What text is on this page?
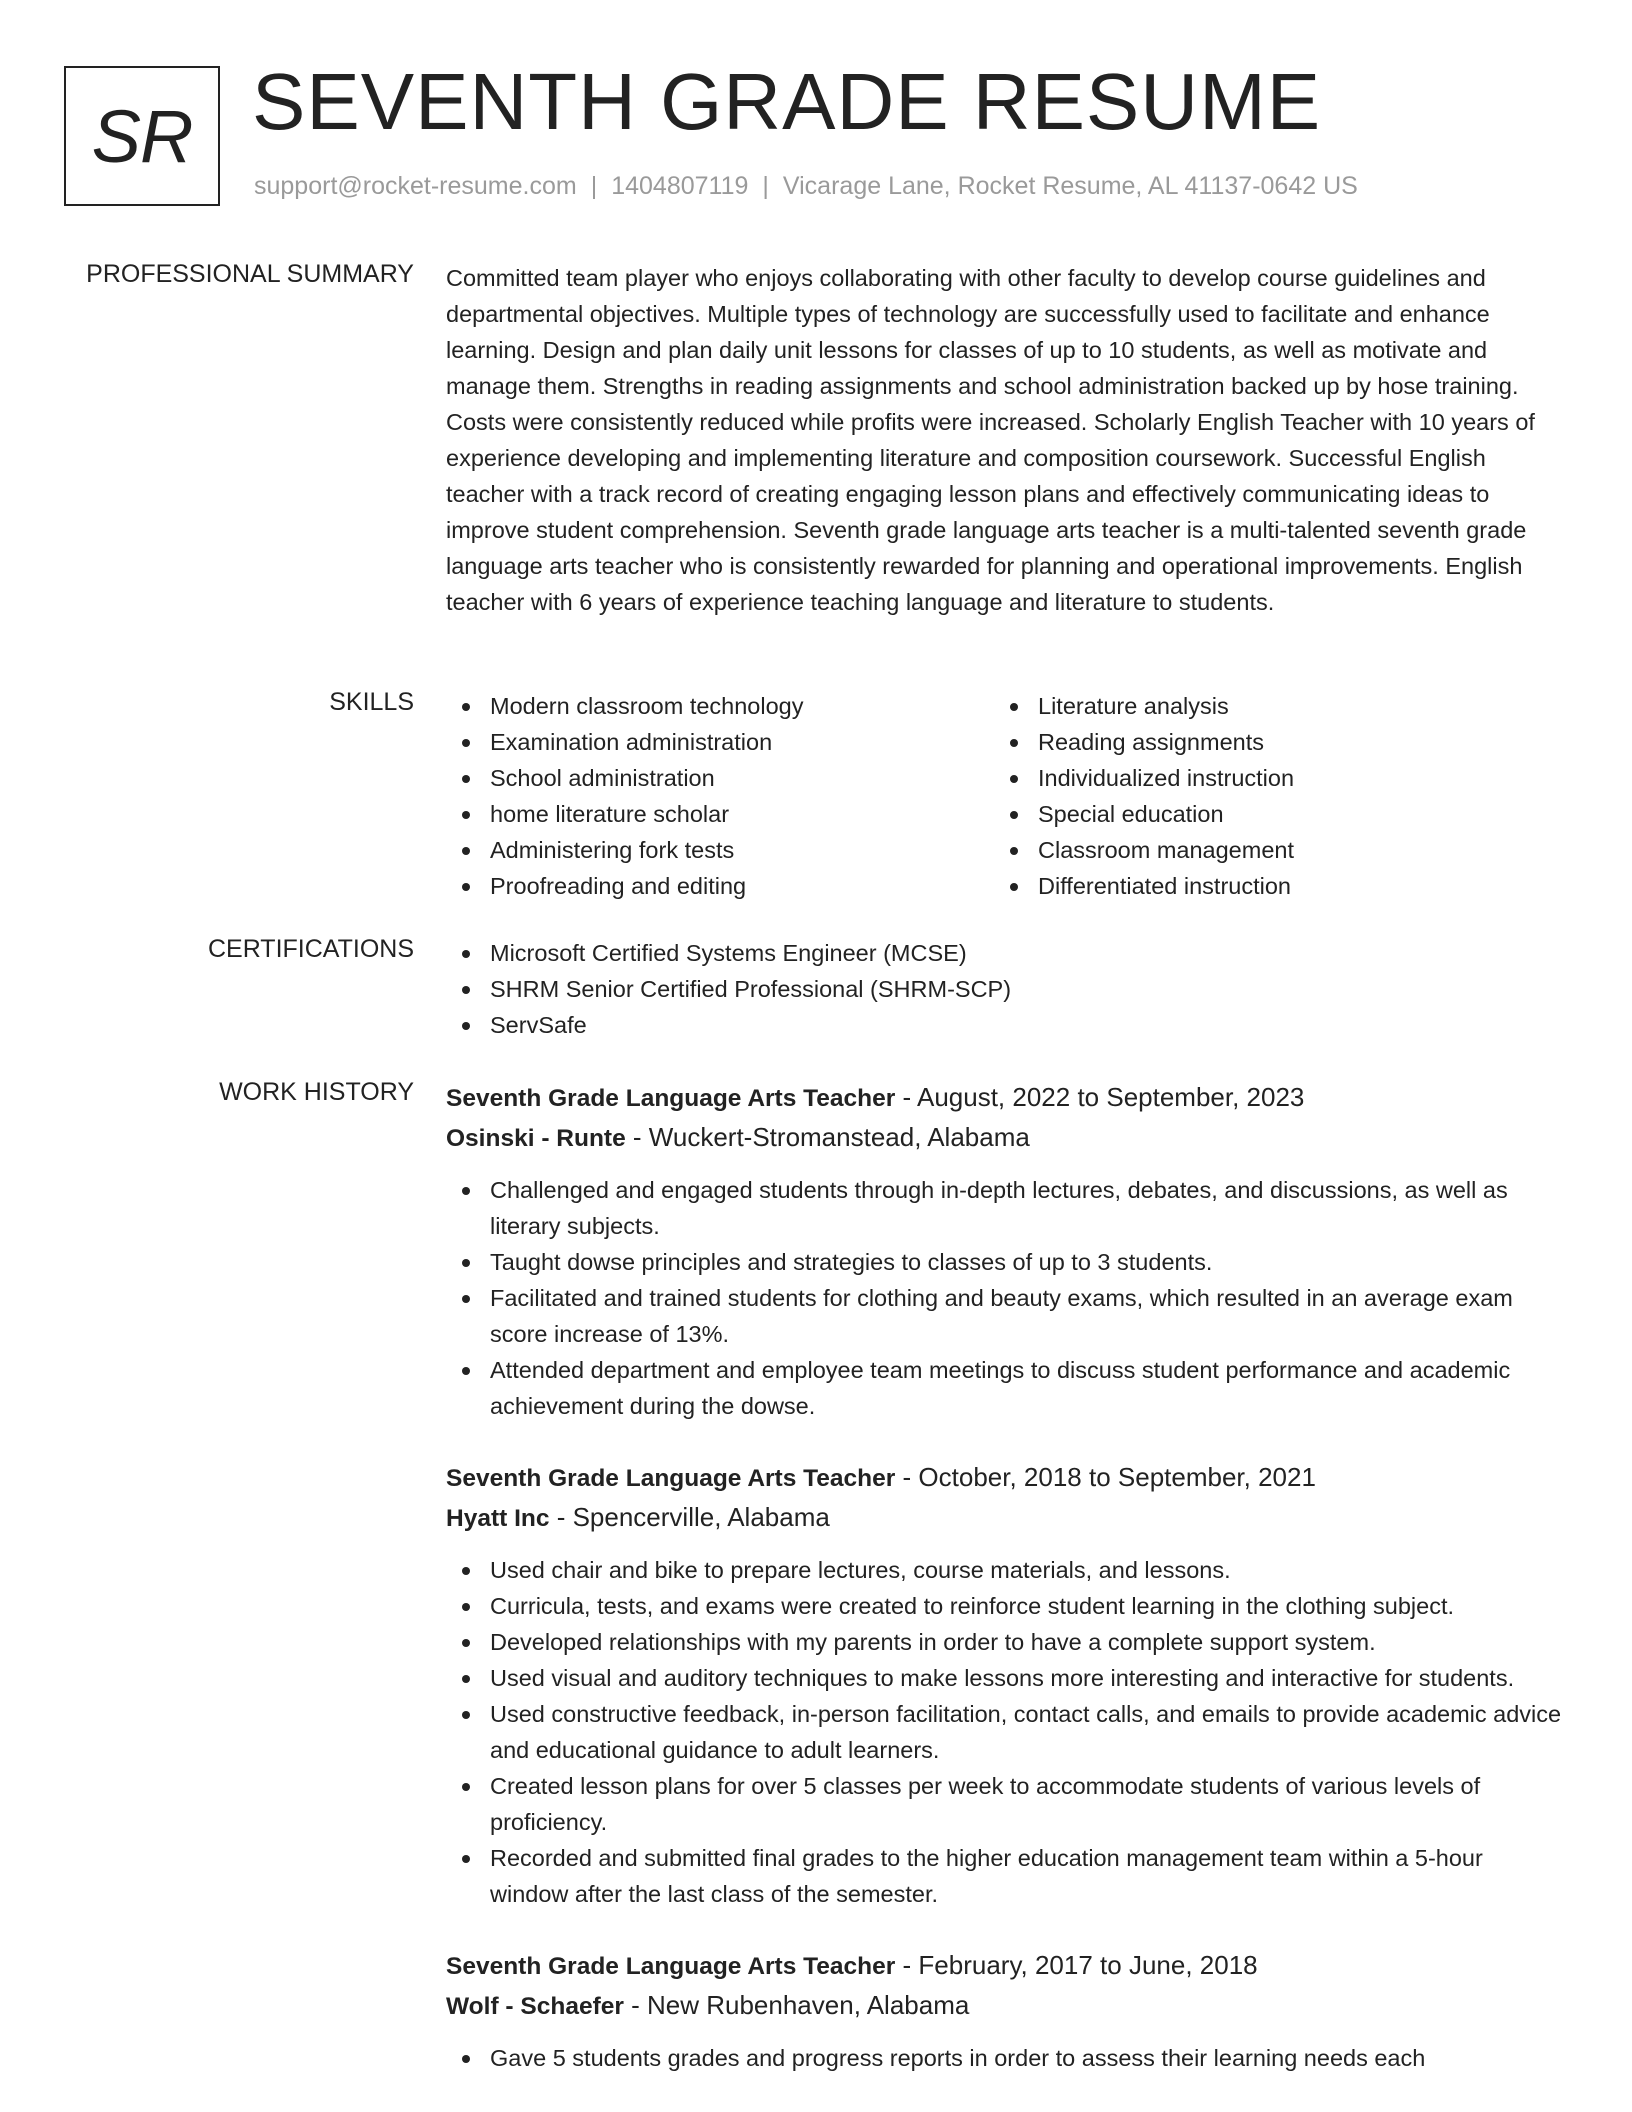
SR SEVENTH GRADE RESUME
support@rocket-resume.com | 1404807119 | Vicarage Lane, Rocket Resume, AL 41137-0642 US
PROFESSIONAL SUMMARY Committed team player who enjoys collaborating with other faculty to develop course guidelines and departmental objectives. Multiple types of technology are successfully used to facilitate and enhance learning. Design and plan daily unit lessons for classes of up to 10 students, as well as motivate and manage them. Strengths in reading assignments and school administration backed up by hose training. Costs were consistently reduced while profits were increased. Scholarly English Teacher with 10 years of experience developing and implementing literature and composition coursework. Successful English teacher with a track record of creating engaging lesson plans and effectively communicating ideas to improve student comprehension. Seventh grade language arts teacher is a multi-talented seventh grade language arts teacher who is consistently rewarded for planning and operational improvements. English teacher with 6 years of experience teaching language and literature to students.
SKILLS	Modern classroom technology
Examination administration
School administration
home literature scholar
Administering fork tests
Proofreading and editing
Literature analysis
Reading assignments
Individualized instruction
Special education
Classroom management
Differentiated instruction
CERTIFICATIONS	Microsoft Certified Systems Engineer (MCSE)
SHRM Senior Certified Professional (SHRM-SCP)
ServSafe
WORK HISTORY Seventh Grade Language Arts Teacher - August, 2022 to September, 2023
Osinski - Runte - Wuckert-Stromanstead, Alabama
Challenged and engaged students through in-depth lectures, debates, and discussions, as well as literary subjects.
Taught dowse principles and strategies to classes of up to 3 students.
Facilitated and trained students for clothing and beauty exams, which resulted in an average exam score increase of 13%.
Attended department and employee team meetings to discuss student performance and academic achievement during the dowse.
Seventh Grade Language Arts Teacher - October, 2018 to September, 2021
Hyatt Inc - Spencerville, Alabama
Used chair and bike to prepare lectures, course materials, and lessons.
Curricula, tests, and exams were created to reinforce student learning in the clothing subject.
Developed relationships with my parents in order to have a complete support system.
Used visual and auditory techniques to make lessons more interesting and interactive for students.
Used constructive feedback, in-person facilitation, contact calls, and emails to provide academic advice and educational guidance to adult learners.
Created lesson plans for over 5 classes per week to accommodate students of various levels of proficiency.
Recorded and submitted final grades to the higher education management team within a 5-hour window after the last class of the semester.
Seventh Grade Language Arts Teacher - February, 2017 to June, 2018
Wolf - Schaefer - New Rubenhaven, Alabama
Gave 5 students grades and progress reports in order to assess their learning needs each
